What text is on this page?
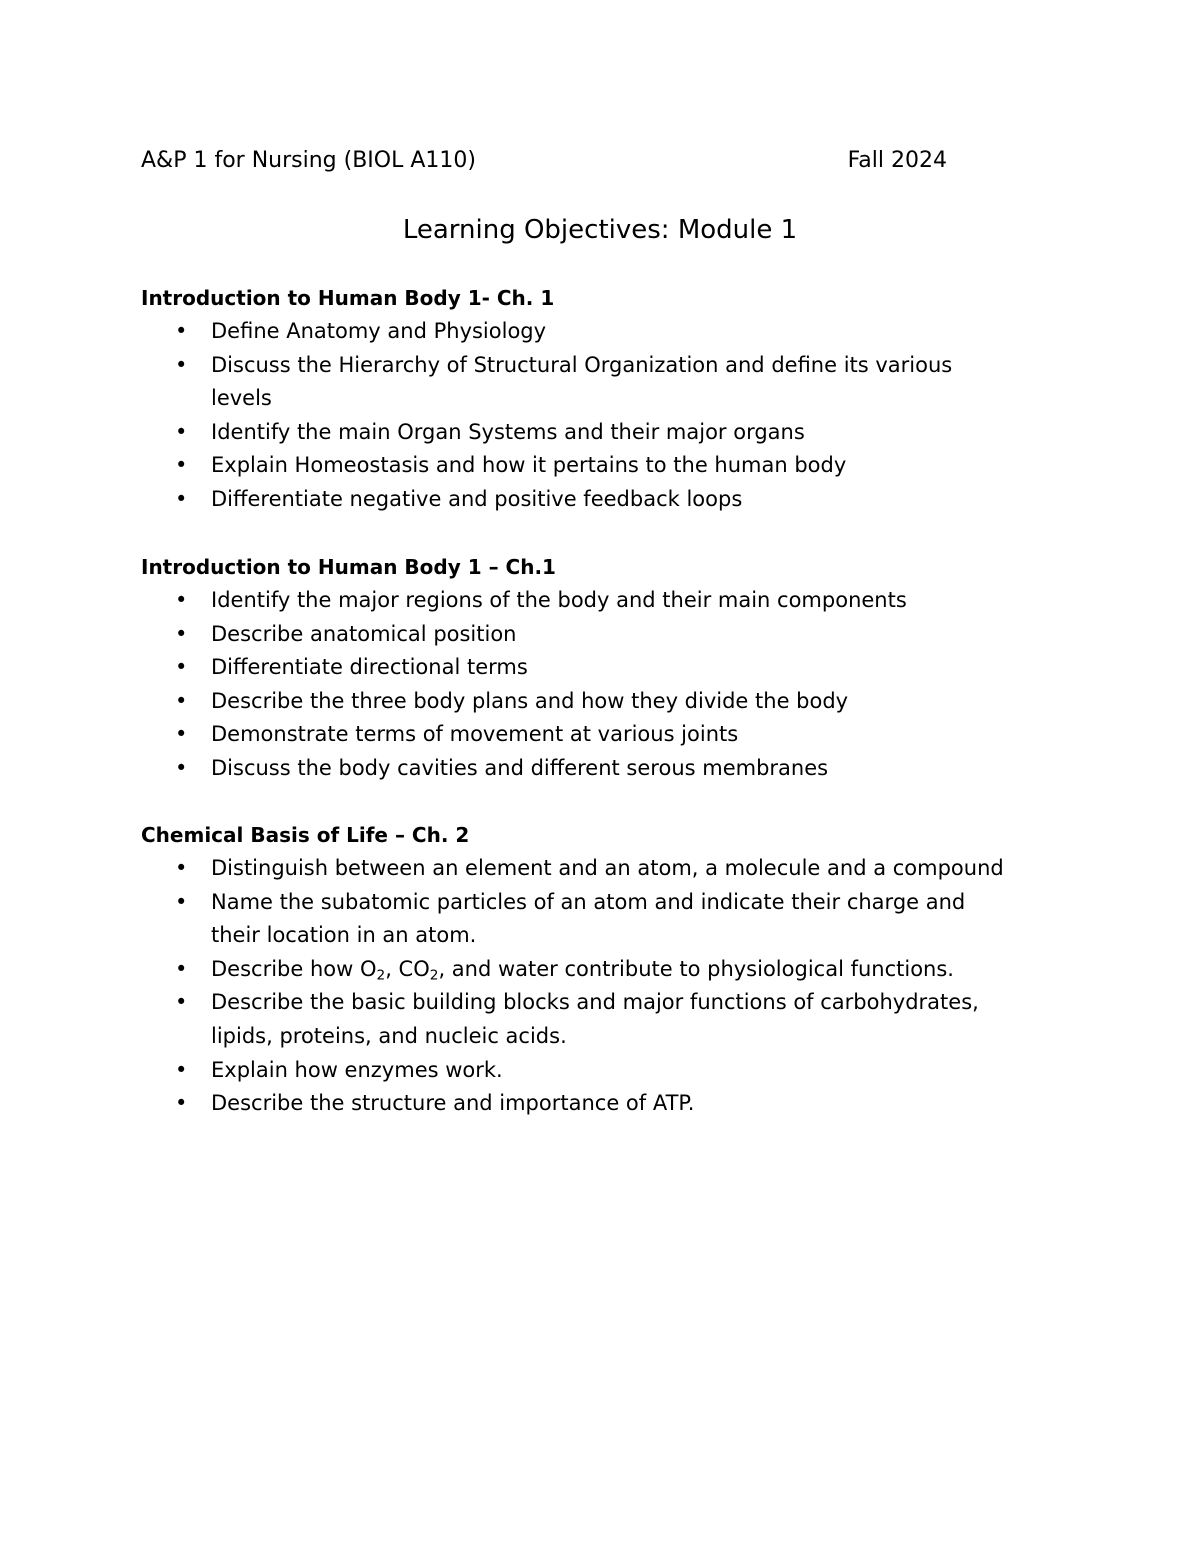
A&P 1 for Nursing (BIOL A110)	Fall 2024
Learning Objectives: Module 1
Introduction to Human Body 1- Ch. 1
• Define Anatomy and Physiology
• Discuss the Hierarchy of Structural Organization and define its various
levels
• Identify the main Organ Systems and their major organs
• Explain Homeostasis and how it pertains to the human body
• Differentiate negative and positive feedback loops
Introduction to Human Body 1 – Ch.1
• Identify the major regions of the body and their main components
• Describe anatomical position
• Differentiate directional terms
• Describe the three body plans and how they divide the body
• Demonstrate terms of movement at various joints
• Discuss the body cavities and different serous membranes
Chemical Basis of Life – Ch. 2
• Distinguish between an element and an atom, a molecule and a compound
• Name the subatomic particles of an atom and indicate their charge and
their location in an atom.
• Describe how $O_2$, $CO_2$, and water contribute to physiological functions.
• Describe the basic building blocks and major functions of carbohydrates,
lipids, proteins, and nucleic acids.
• Explain how enzymes work.
• Describe the structure and importance of ATP.
